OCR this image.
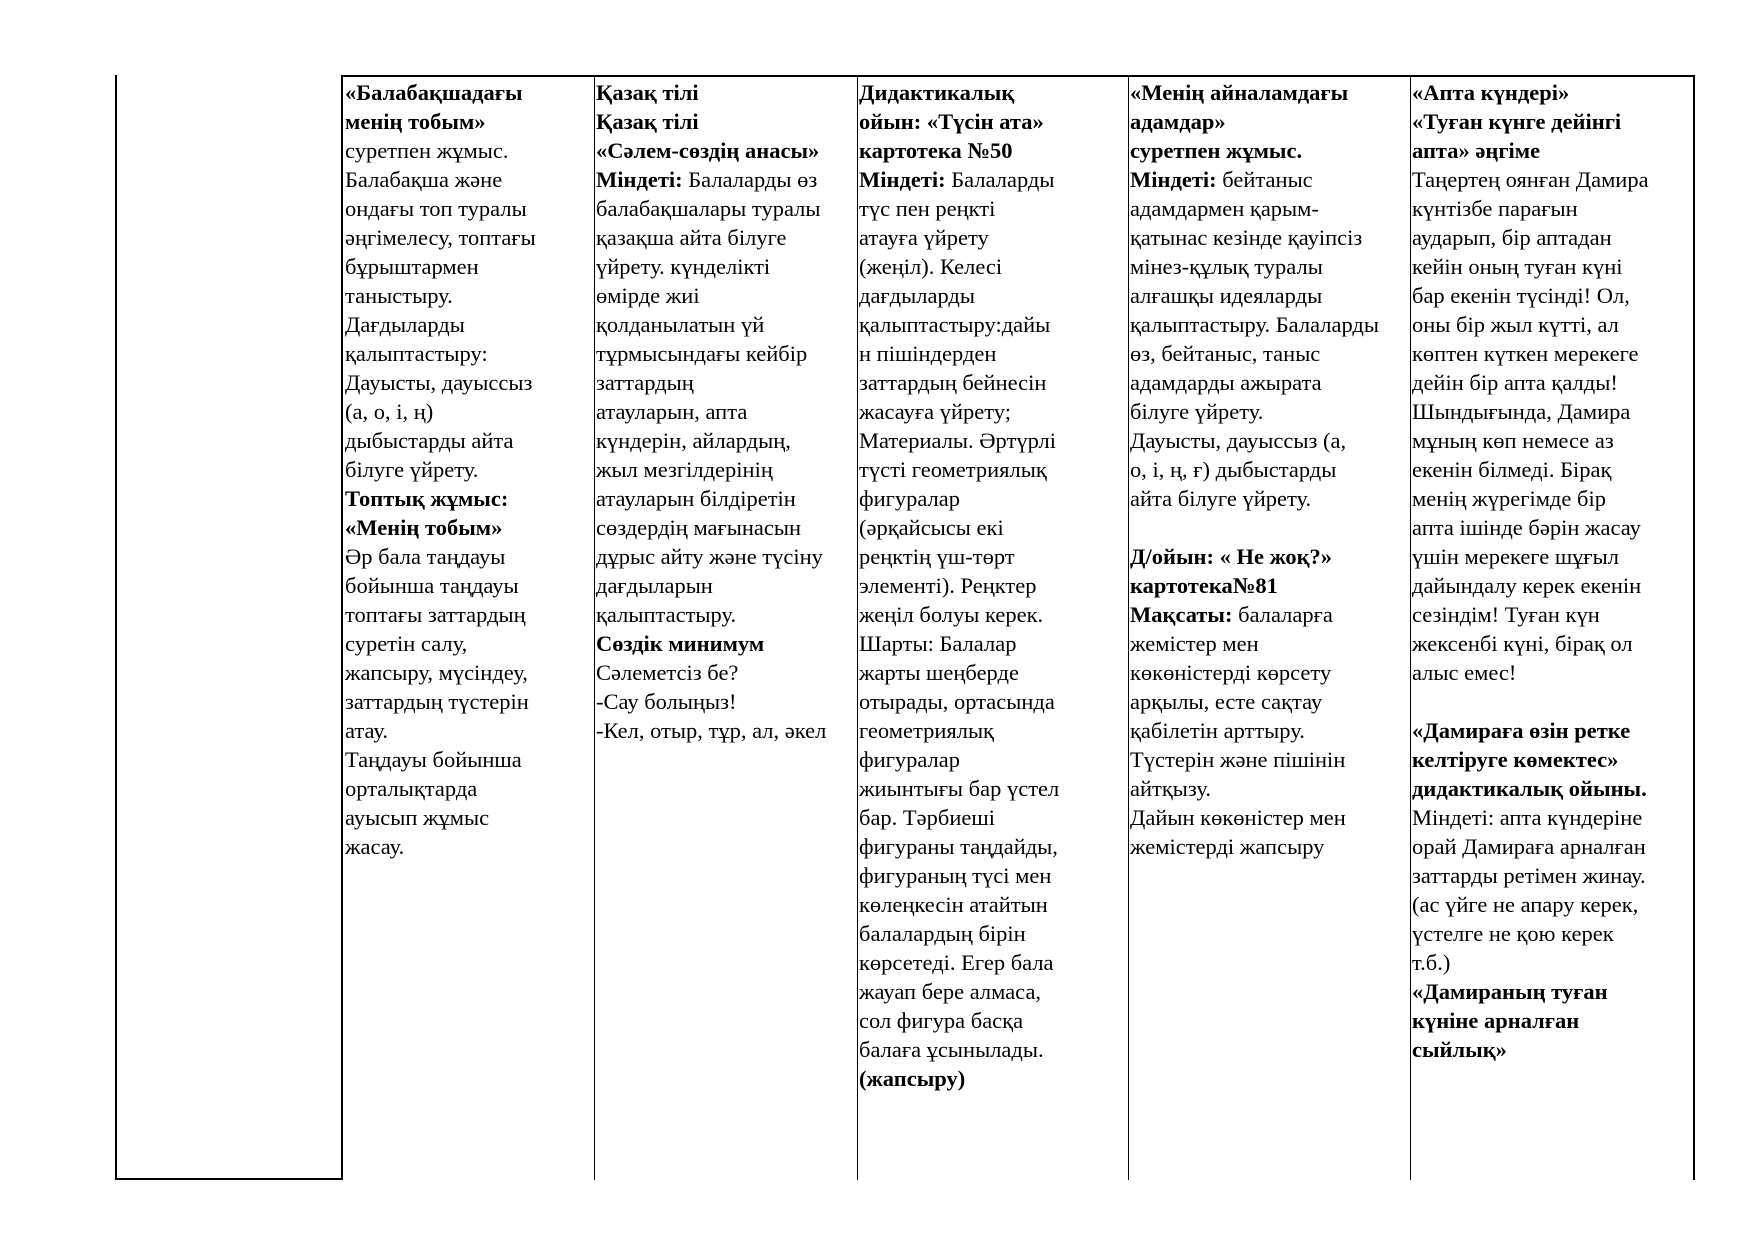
«Балабақшадағы
менің тобым»
суретпен жұмыс.
Балабақша және
ондағы топ туралы
әңгімелесу, топтағы
бұрыштармен
таныстыру.
Дағдыларды
қалыптастыру:
Дауысты, дауыссыз
(а, о, і, ң)
дыбыстарды айта
білуге үйрету.
Топтық жұмыс:
«Менің тобым»
Әр бала таңдауы
бойынша таңдауы
топтағы заттардың
суретін салу,
жапсыру, мүсіндеу,
заттардың түстерін
атау.
Таңдауы бойынша
орталықтарда
ауысып жұмыс
жасау.
Қазақ тілі
Қазақ тілі
«Сәлем-сөздің анасы»
Міндеті: Балаларды өз
балабақшалары туралы
қазақша айта білуге
үйрету. күнделікті
өмірде жиі
қолданылатын үй
тұрмысындағы кейбір
заттардың
атауларын, апта
күндерін, айлардың,
жыл мезгілдерінің
атауларын білдіретін
сөздердің мағынасын
дұрыс айту және түсіну
дағдыларын
қалыптастыру.
Сөздік минимум
Сәлеметсіз бе?
-Сау болыңыз!
-Кел, отыр, тұр, ал, әкел
Дидактикалық
ойын: «Түсін ата»
картотека №50
Міндеті: Балаларды
түс пен реңкті
атауға үйрету
(жеңіл). Келесі
дағдыларды
қалыптастыру:дайы
н пішіндерден
заттардың бейнесін
жасауға үйрету;
Материалы. Әртүрлі
түсті геометриялық
фигуралар
(әрқайсысы екі
реңктің үш-төрт
элементі). Реңктер
жеңіл болуы керек.
Шарты: Балалар
жарты шеңберде
отырады, ортасында
геометриялық
фигуралар
жиынтығы бар үстел
бар. Тәрбиеші
фигураны таңдайды,
фигураның түсі мен
көлеңкесін атайтын
балалардың бірін
көрсетеді. Егер бала
жауап бере алмаса,
сол фигура басқа
балаға ұсынылады.
(жапсыру)
«Менің айналамдағы
адамдар»
суретпен жұмыс.
Міндеті: бейтаныс
адамдармен қарым-
қатынас кезінде қауіпсіз
мінез-құлық туралы
алғашқы идеяларды
қалыптастыру. Балаларды
өз, бейтаныс, таныс
адамдарды ажырата
білуге үйрету.
Дауысты, дауыссыз (а,
о, і, ң, ғ) дыбыстарды
айта білуге үйрету.
Д/ойын: « Не жоқ?»
картотека№81
Мақсаты: балаларға
жемістер мен
көкөністерді көрсету
арқылы, есте сақтау
қабілетін арттыру.
Түстерін және пішінін
айтқызу.
Дайын көкөністер мен
жемістерді жапсыру
«Апта күндері»
«Туған күнге дейінгі
апта» әңгіме
Таңертең оянған Дамира
күнтізбе парағын
аударып, бір аптадан
кейін оның туған күні
бар екенін түсінді! Ол,
оны бір жыл күтті, ал
көптен күткен мерекеге
дейін бір апта қалды!
Шындығында, Дамира
мұның көп немесе аз
екенін білмеді. Бірақ
менің жүрегімде бір
апта ішінде бәрін жасау
үшін мерекеге шұғыл
дайындалу керек екенін
сезіндім! Туған күн
жексенбі күні, бірақ ол
алыс емес!
«Дамираға өзін ретке
келтіруге көмектес»
дидактикалық ойыны.
Міндеті: апта күндеріне
орай Дамираға арналған
заттарды ретімен жинау.
(ас үйге не апару керек,
үстелге не қою керек
т.б.)
«Дамираның туған
күніне арналған
сыйлық»
